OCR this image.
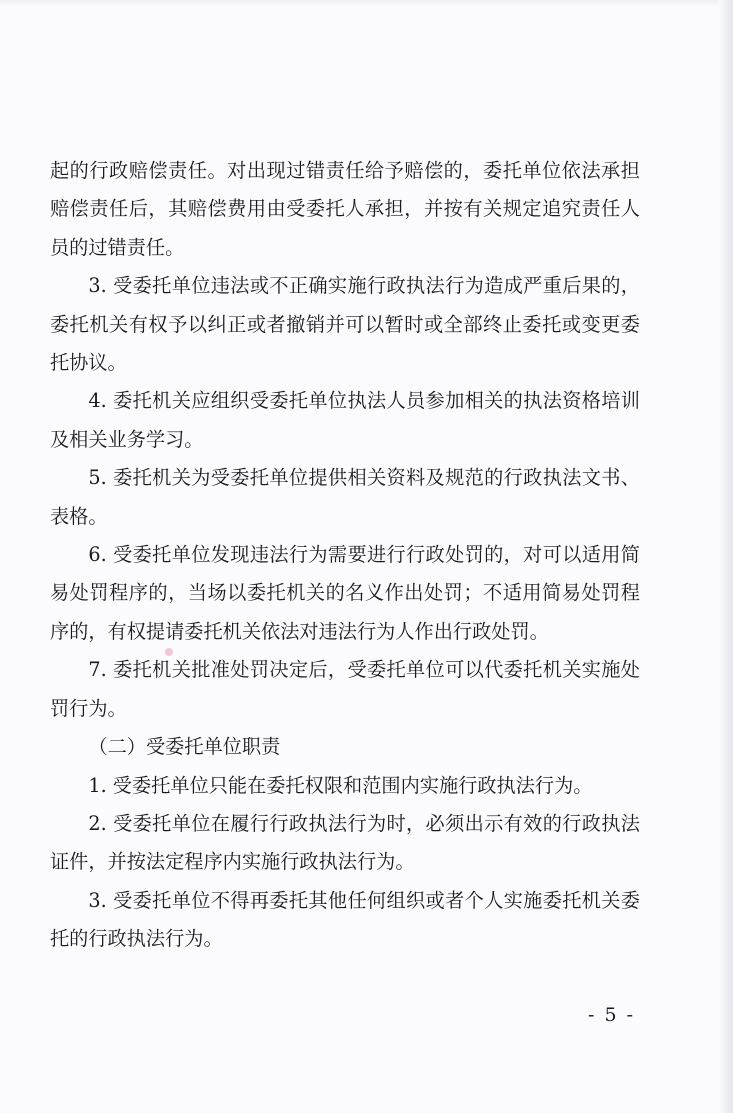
起的行政赔偿责任。对出现过错责任给予赔偿的，委托单位依法承担赔偿责任后，其赔偿费用由受委托人承担，并按有关规定追究责任人员的过错责任。

3. 受委托单位违法或不正确实施行政执法行为造成严重后果的，委托机关有权予以纠正或者撤销并可以暂时或全部终止委托或变更委托协议。

4. 委托机关应组织受委托单位执法人员参加相关的执法资格培训及相关业务学习。

5. 委托机关为受委托单位提供相关资料及规范的行政执法文书、表格。

6. 受委托单位发现违法行为需要进行行政处罚的，对可以适用简易处罚程序的，当场以委托机关的名义作出处罚；不适用简易处罚程序的，有权提请委托机关依法对违法行为人作出行政处罚。

7. 委托机关批准处罚决定后，受委托单位可以代委托机关实施处罚行为。

（二）受委托单位职责

1. 受委托单位只能在委托权限和范围内实施行政执法行为。

2. 受委托单位在履行行政执法行为时，必须出示有效的行政执法证件，并按法定程序内实施行政执法行为。

3. 受委托单位不得再委托其他任何组织或者个人实施委托机关委托的行政执法行为。

- 5 -
